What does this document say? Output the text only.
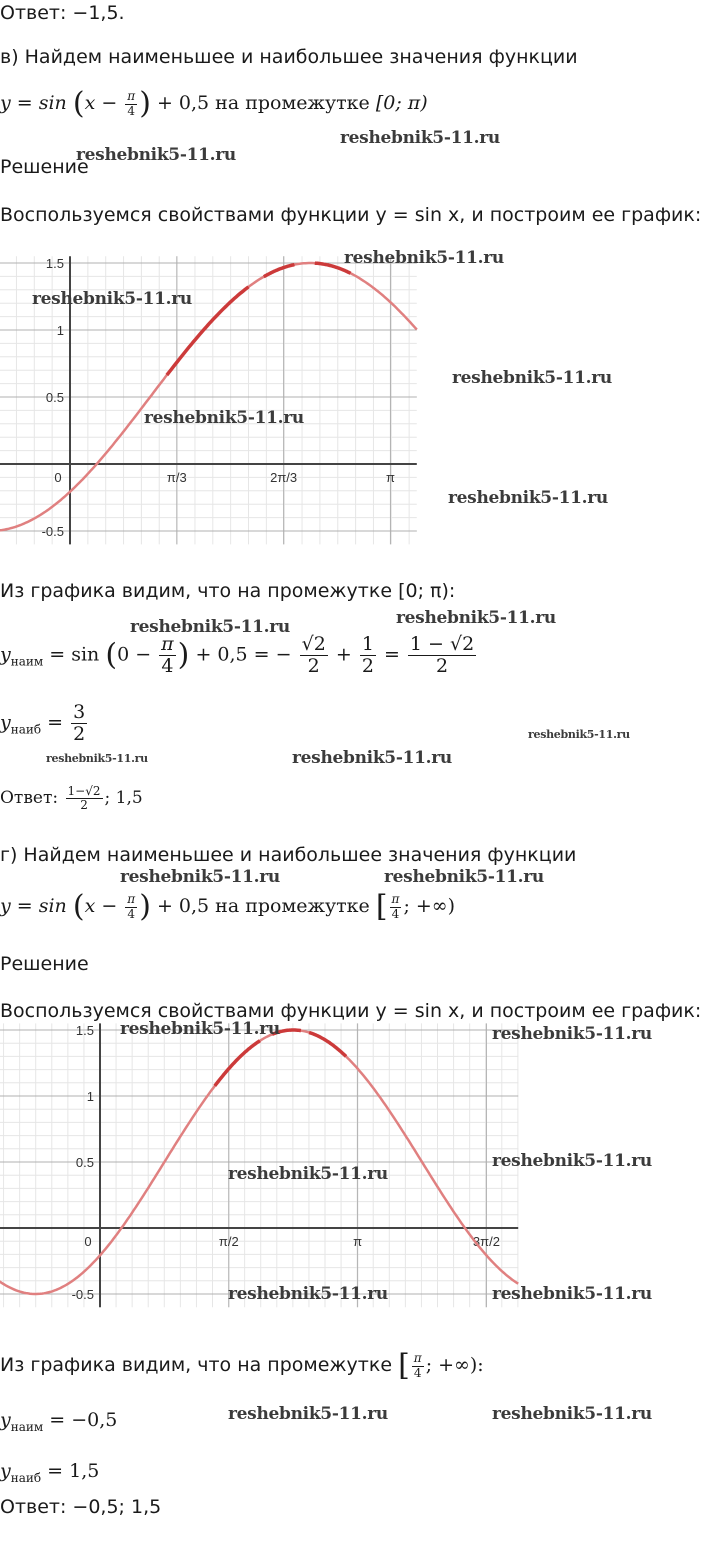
Ответ: −1,5.
в) Найдем наименьшее и наибольшее значения функции
$y = \sin (x - \frac{\pi}{4}$ ) + 0,5 на промежутке [0; π)
Решение
Воспользуемся свойствами функции y = sin x, и построим ее график:
0	π/3	2π/3	π
1.5
1
0.5
-0.5
Из графика видим, что на промежутке [0; π):
$y_{наим} = \sin (0 - \frac{\pi}{4}$ ) + 0,5 = − $\frac{√2}{2} + \frac{1}{2} = \frac{1 - √2}{2}$
$y_{наиб} = \frac{3}{2}$
Ответ: $\frac{1-√2}{2}$ ; 1,5
г) Найдем наименьшее и наибольшее значения функции
$y = \sin (x - \frac{\pi}{4}$ ) + 0,5 на промежутке [ $\frac{\pi}{4}$ ; +∞)
Решение
Воспользуемся свойствами функции y = sin x, и построим ее график:
0	π/2	π	3π/2
1.5
1
0.5
-0.5
Из графика видим, что на промежутке [ $\frac{\pi}{4}$ ; +∞):
$y_{наим} = -0,5$
$y_{наиб} = 1,5$
Ответ: −0,5; 1,5
reshebnik5-11.ru
reshebnik5-11.ru
reshebnik5-11.ru
reshebnik5-11.ru
reshebnik5-11.ru
reshebnik5-11.ru
reshebnik5-11.ru
reshebnik5-11.ru
reshebnik5-11.ru
reshebnik5-11.ru
reshebnik5-11.ru	reshebnik5-11.ru
reshebnik5-11.ru	reshebnik5-11.ru
reshebnik5-11.ru	reshebnik5-11.ru
reshebnik5-11.ru
reshebnik5-11.ru
reshebnik5-11.ru	reshebnik5-11.ru
reshebnik5-11.ru	reshebnik5-11.ru
